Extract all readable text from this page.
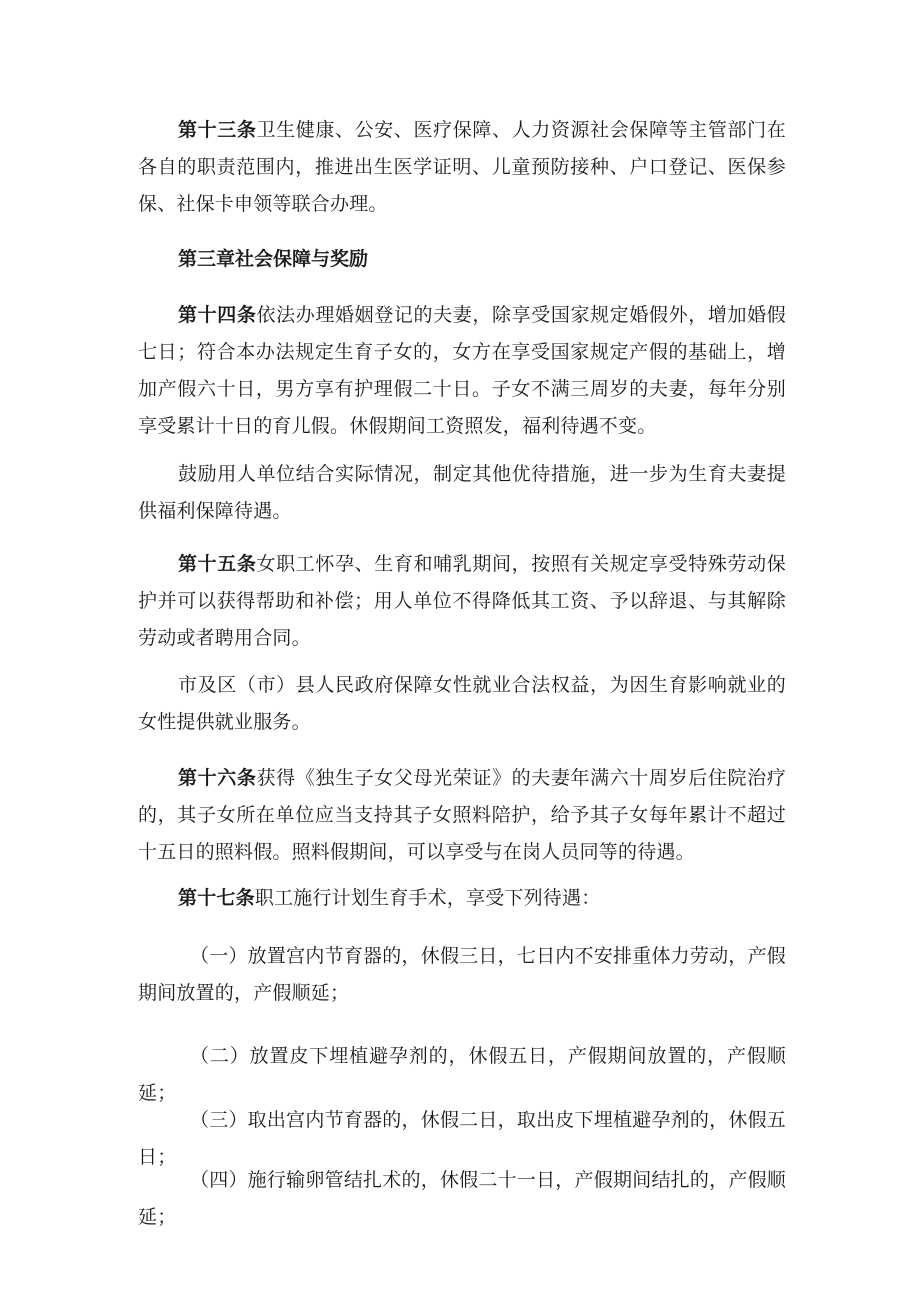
第十三条卫生健康、公安、医疗保障、人力资源社会保障等主管部门在各自的职责范围内，推进出生医学证明、儿童预防接种、户口登记、医保参保、社保卡申领等联合办理。

第三章社会保障与奖励

第十四条依法办理婚姻登记的夫妻，除享受国家规定婚假外，增加婚假七日；符合本办法规定生育子女的，女方在享受国家规定产假的基础上，增加产假六十日，男方享有护理假二十日。子女不满三周岁的夫妻，每年分别享受累计十日的育儿假。休假期间工资照发，福利待遇不变。

鼓励用人单位结合实际情况，制定其他优待措施，进一步为生育夫妻提供福利保障待遇。

第十五条女职工怀孕、生育和哺乳期间，按照有关规定享受特殊劳动保护并可以获得帮助和补偿；用人单位不得降低其工资、予以辞退、与其解除劳动或者聘用合同。

市及区（市）县人民政府保障女性就业合法权益，为因生育影响就业的女性提供就业服务。

第十六条获得《独生子女父母光荣证》的夫妻年满六十周岁后住院治疗的，其子女所在单位应当支持其子女照料陪护，给予其子女每年累计不超过十五日的照料假。照料假期间，可以享受与在岗人员同等的待遇。

第十七条职工施行计划生育手术，享受下列待遇：

（一）放置宫内节育器的，休假三日，七日内不安排重体力劳动，产假期间放置的，产假顺延；

（二）放置皮下埋植避孕剂的，休假五日，产假期间放置的，产假顺延；

（三）取出宫内节育器的，休假二日，取出皮下埋植避孕剂的，休假五日；

（四）施行输卵管结扎术的，休假二十一日，产假期间结扎的，产假顺延；
